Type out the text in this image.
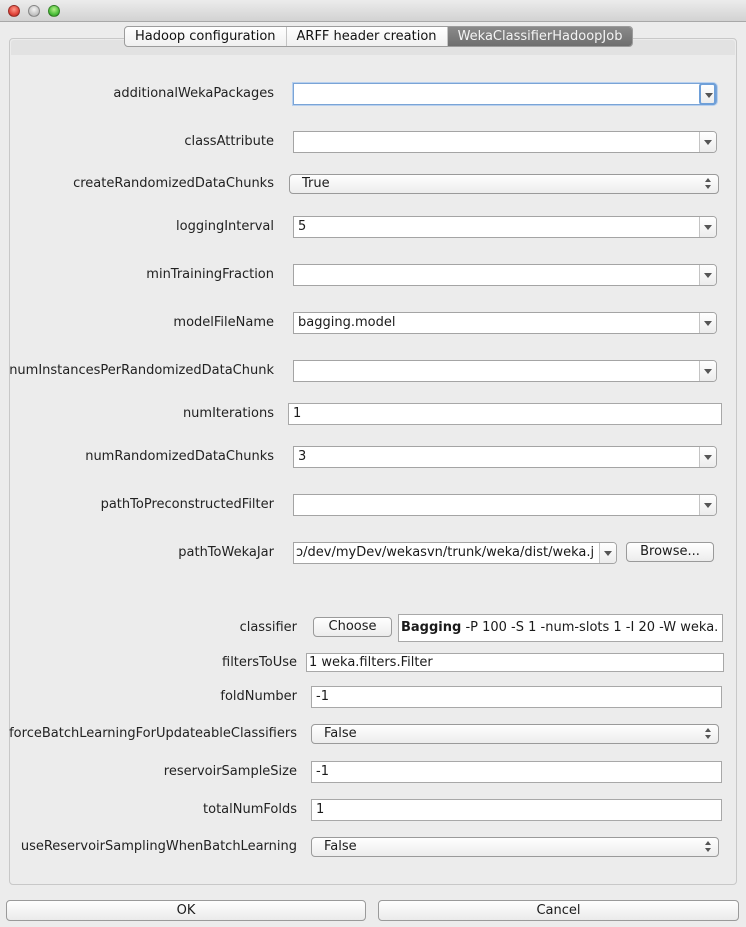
Hadoop configuration	ARFF header creation	WekaClassifierHadoopJob
additionalWekaPackages
classAttribute
createRandomizedDataChunks True
loggingInterval 5
minTrainingFraction
modelFileName bagging.model
numInstancesPerRandomizedDataChunk
numIterations 1
numRandomizedDataChunks 3
pathToPreconstructedFilter
pathToWekaJar ɔ/dev/myDev/wekasvn/trunk/weka/dist/weka.j	Browse...
classifier	Choose	Bagging -P 100 -S 1 -num-slots 1 -I 20 -W weka.
filtersToUse 1 weka.filters.Filter
foldNumber -1
forceBatchLearningForUpdateableClassifiers False
reservoirSampleSize -1
totalNumFolds 1
useReservoirSamplingWhenBatchLearning False
OK	Cancel
